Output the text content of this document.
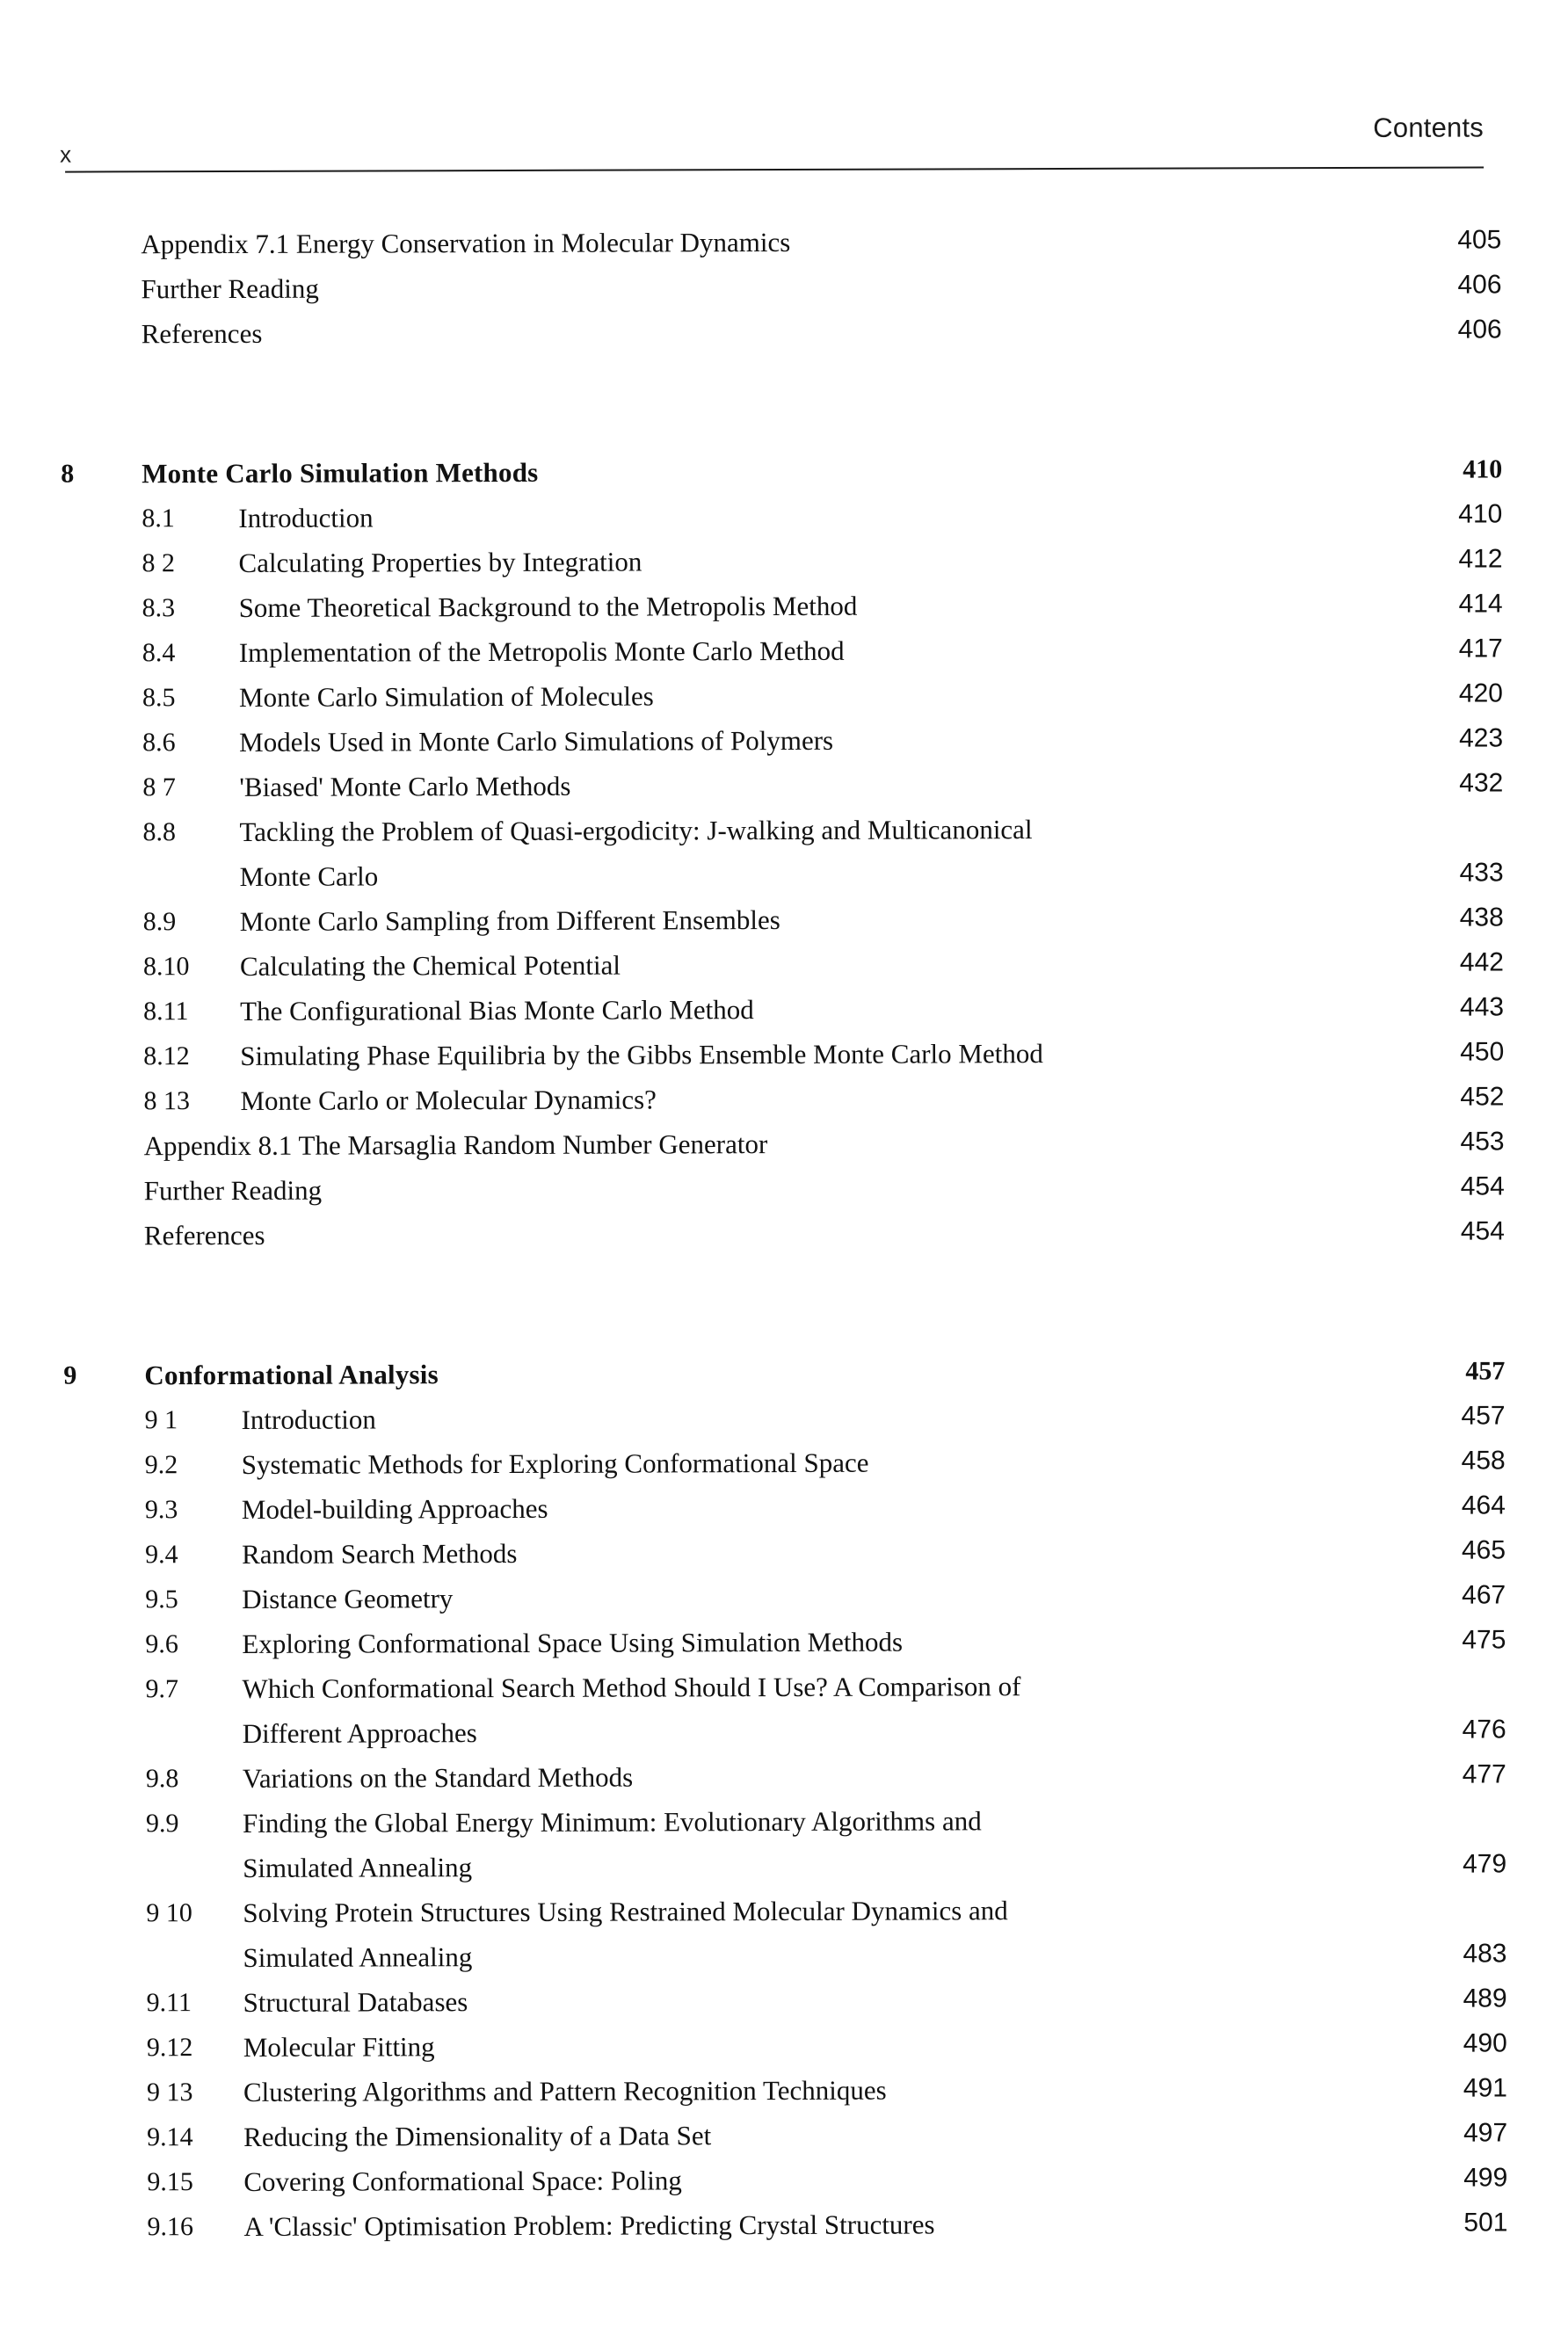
x
Contents
Appendix 7.1 Energy Conservation in Molecular Dynamics	405
Further Reading	406
References	406
8	Monte Carlo Simulation Methods	410
8.1	Introduction	410
8 2	Calculating Properties by Integration	412
8.3	Some Theoretical Background to the Metropolis Method	414
8.4	Implementation of the Metropolis Monte Carlo Method	417
8.5	Monte Carlo Simulation of Molecules	420
8.6	Models Used in Monte Carlo Simulations of Polymers	423
8 7	'Biased' Monte Carlo Methods	432
8.8	Tackling the Problem of Quasi-ergodicity: J-walking and Multicanonical
Monte Carlo	433
8.9	Monte Carlo Sampling from Different Ensembles	438
8.10	Calculating the Chemical Potential	442
8.11	The Configurational Bias Monte Carlo Method	443
8.12	Simulating Phase Equilibria by the Gibbs Ensemble Monte Carlo Method	450
8 13	Monte Carlo or Molecular Dynamics?	452
Appendix 8.1 The Marsaglia Random Number Generator	453
Further Reading	454
References	454
9	Conformational Analysis	457
9 1	Introduction	457
9.2	Systematic Methods for Exploring Conformational Space	458
9.3	Model-building Approaches	464
9.4	Random Search Methods	465
9.5	Distance Geometry	467
9.6	Exploring Conformational Space Using Simulation Methods	475
9.7	Which Conformational Search Method Should I Use? A Comparison of
Different Approaches	476
9.8	Variations on the Standard Methods	477
9.9	Finding the Global Energy Minimum: Evolutionary Algorithms and
Simulated Annealing	479
9 10	Solving Protein Structures Using Restrained Molecular Dynamics and
Simulated Annealing	483
9.11	Structural Databases	489
9.12	Molecular Fitting	490
9 13	Clustering Algorithms and Pattern Recognition Techniques	491
9.14	Reducing the Dimensionality of a Data Set	497
9.15	Covering Conformational Space: Poling	499
9.16	A 'Classic' Optimisation Problem: Predicting Crystal Structures	501
